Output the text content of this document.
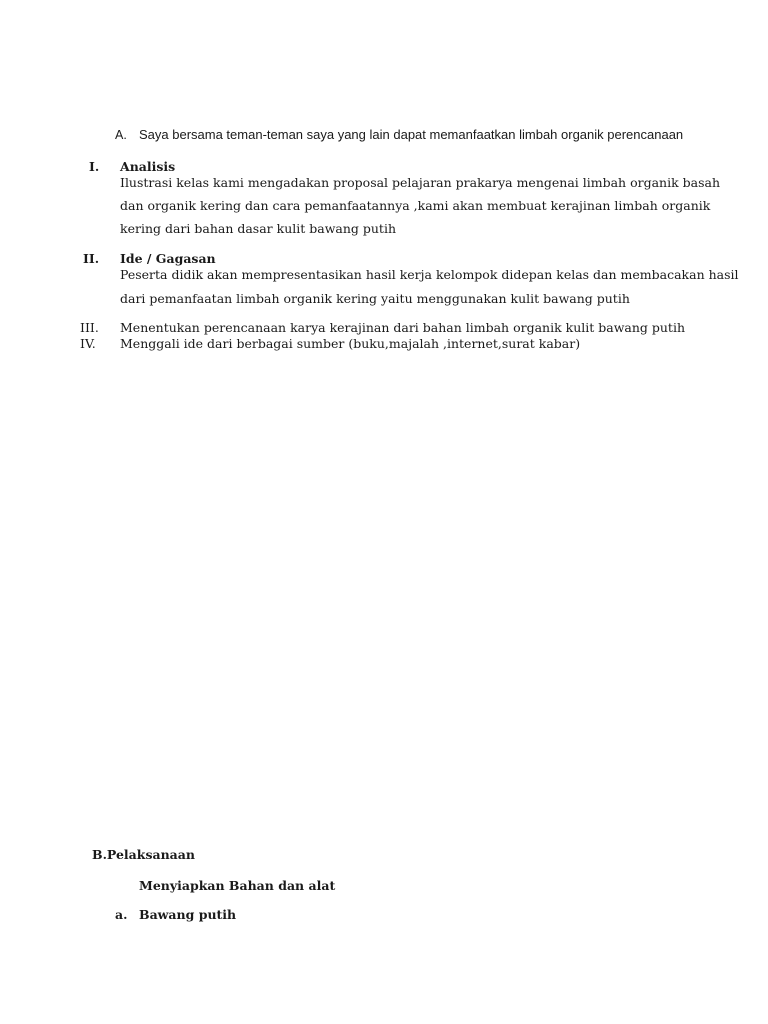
A. Saya bersama teman-teman saya yang lain dapat memanfaatkan limbah organik perencanaan
I. Analisis
Ilustrasi kelas kami mengadakan proposal pelajaran prakarya mengenai limbah organik basah
dan organik kering dan cara pemanfaatannya ,kami akan membuat kerajinan limbah organik
kering dari bahan dasar kulit bawang putih
II. Ide / Gagasan
Peserta didik akan mempresentasikan hasil kerja kelompok didepan kelas dan membacakan hasil
dari pemanfaatan limbah organik kering yaitu menggunakan kulit bawang putih
III. Menentukan perencanaan karya kerajinan dari bahan limbah organik kulit bawang putih
IV. Menggali ide dari berbagai sumber (buku,majalah ,internet,surat kabar)
B.Pelaksanaan
Menyiapkan Bahan dan alat
a. Bawang putih
